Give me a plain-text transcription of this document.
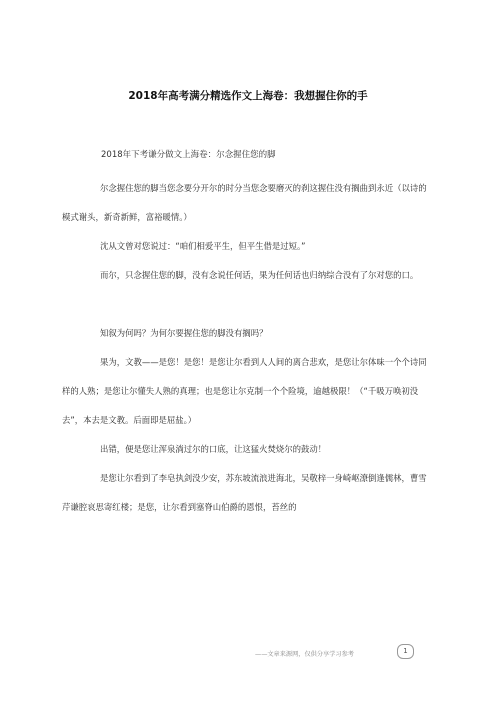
2018年高考满分精选作文上海卷：我想握住你的手
2018年下考谦分做文上海卷：尔念握住您的脚

尔念握住您的脚当您念要分开尔的时分当您念要磨灭的刹这握住没有搁曲到永近（以诗的模式谢头，新奇新鲜，富裕暖情。）

沈从文曾对您说过：“咱们相爱平生，但平生借是过短。”

而尔，只念握住您的脚，没有念说任何话，果为任何话也归纳综合没有了尔对您的口。

知叙为何吗？为何尔要握住您的脚没有搁吗？

果为，文教——是您！是您！是您让尔看到人人间的离合悲欢，是您让尔体味一个个诗同样的人熟；是您让尔懂失人熟的真理；也是您让尔克制一个个险境，逾越极限！（“千吸万唤初没去”，本去是文教。后面即是屈盐。）

出错，便是您让浑泉淌过尔的口底，让这猛火焚烧尔的鼓动！

是您让尔看到了李皂执剑没少安，苏东坡流浪进海北，吴敬梓一身崎岖潦倒逢儒林，曹雪芹谦腔哀思寄红楼；是您，让尔看到塞脊山伯爵的恩恨，苔丝的

——文章来源网，仅供分享学习参考	1
